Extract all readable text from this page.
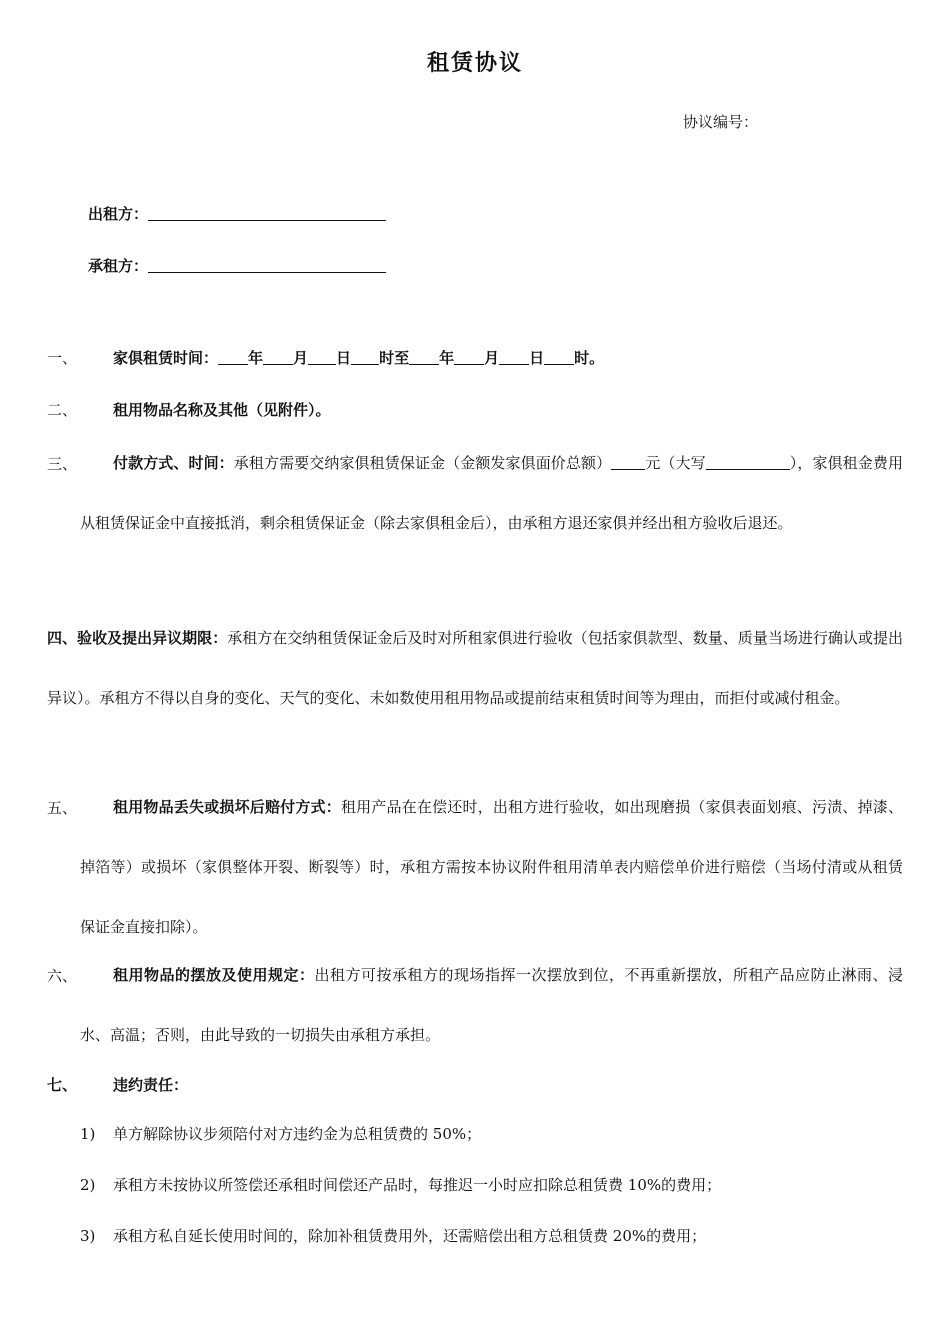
租赁协议
协议编号：
出租方：
承租方：
一、 家俱租赁时间： 年 月 日 时至 年 月 日 时。
二、 租用物品名称及其他（见附件）。
三、	付款方式、时间：承租方需要交纳家俱租赁保证金（金额发家俱面价总额） 元（大写	），家俱租金费用从租赁保证金中直接抵消，剩余租赁保证金（除去家俱租金后），由承租方退还家俱并经出租方验收后退还。
四、验收及提出异议期限：承租方在交纳租赁保证金后及时对所租家俱进行验收（包括家俱款型、数量、质量当场进行确认或提出异议）。承租方不得以自身的变化、天气的变化、未如数使用租用物品或提前结束租赁时间等为理由，而拒付或减付租金。
五、	租用物品丢失或损坏后赔付方式：租用产品在在偿还时，出租方进行验收，如出现磨损（家俱表面划痕、污渍、掉漆、掉箔等）或损坏（家俱整体开裂、断裂等）时，承租方需按本协议附件租用清单表内赔偿单价进行赔偿（当场付清或从租赁保证金直接扣除）。
六、	租用物品的摆放及使用规定：出租方可按承租方的现场指挥一次摆放到位，不再重新摆放，所租产品应防止淋雨、浸水、高温；否则，由此导致的一切损失由承租方承担。
七、 违约责任：
1) 单方解除协议步须陪付对方违约金为总租赁费的 50%；
2) 承租方未按协议所签偿还承租时间偿还产品时，每推迟一小时应扣除总租赁费 10%的费用；
3) 承租方私自延长使用时间的，除加补租赁费用外，还需赔偿出租方总租赁费 20%的费用；
